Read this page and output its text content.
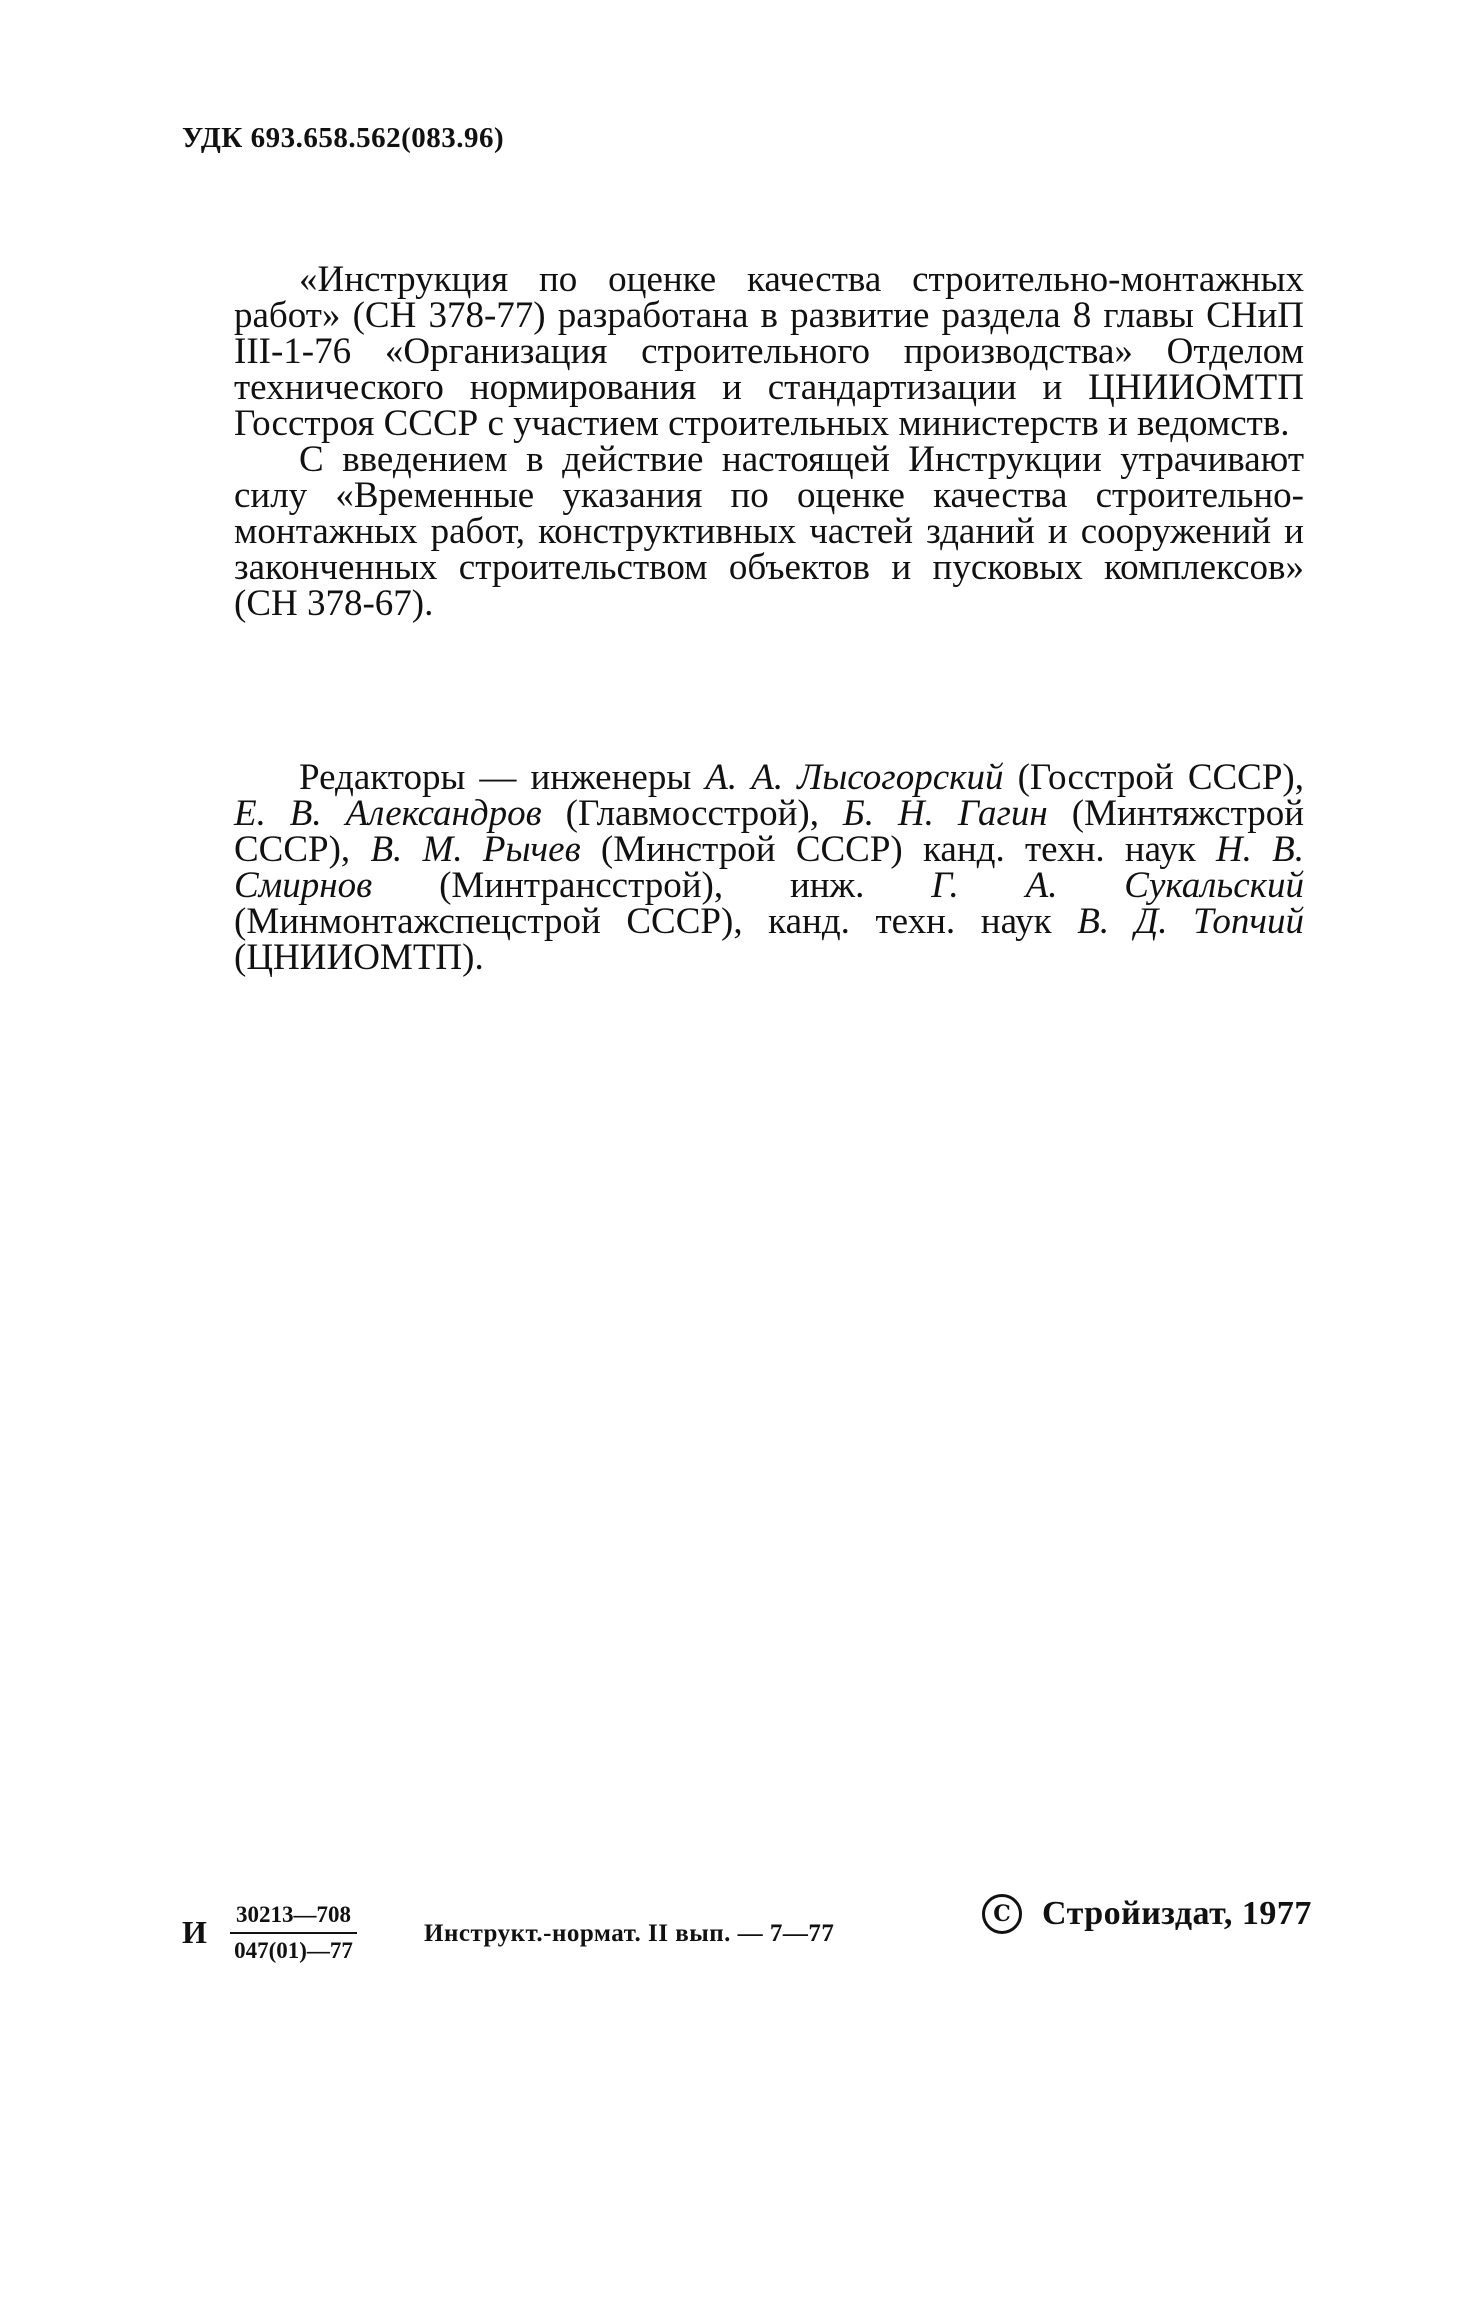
УДК 693.658.562(083.96)

«Инструкция по оценке качества строительно-монтажных работ» (СН 378-77) разработана в развитие раздела 8 главы СНиП III-1-76 «Организация строительного производства» Отделом технического нормирования и стандартизации и ЦНИИОМТП Госстроя СССР с участием строительных министерств и ведомств.

С введением в действие настоящей Инструкции утрачивают силу «Временные указания по оценке качества строительно-монтажных работ, конструктивных частей зданий и сооружений и законченных строительством объектов и пусковых комплексов» (СН 378-67).

Редакторы — инженеры А. А. Лысогорский (Госстрой СССР), Е. В. Александров (Главмосстрой), Б. Н. Гагин (Минтяжстрой СССР), В. М. Рычев (Минстрой СССР) канд. техн. наук Н. В. Смирнов (Минтрансстрой), инж. Г. А. Сукальский (Минмонтажспецстрой СССР), канд. техн. наук В. Д. Топчий (ЦНИИОМТП).

И $\frac{30213—708}{047(01)—77}$	Инструкт.-нормат. II вып. — 7—77
C Стройиздат, 1977
